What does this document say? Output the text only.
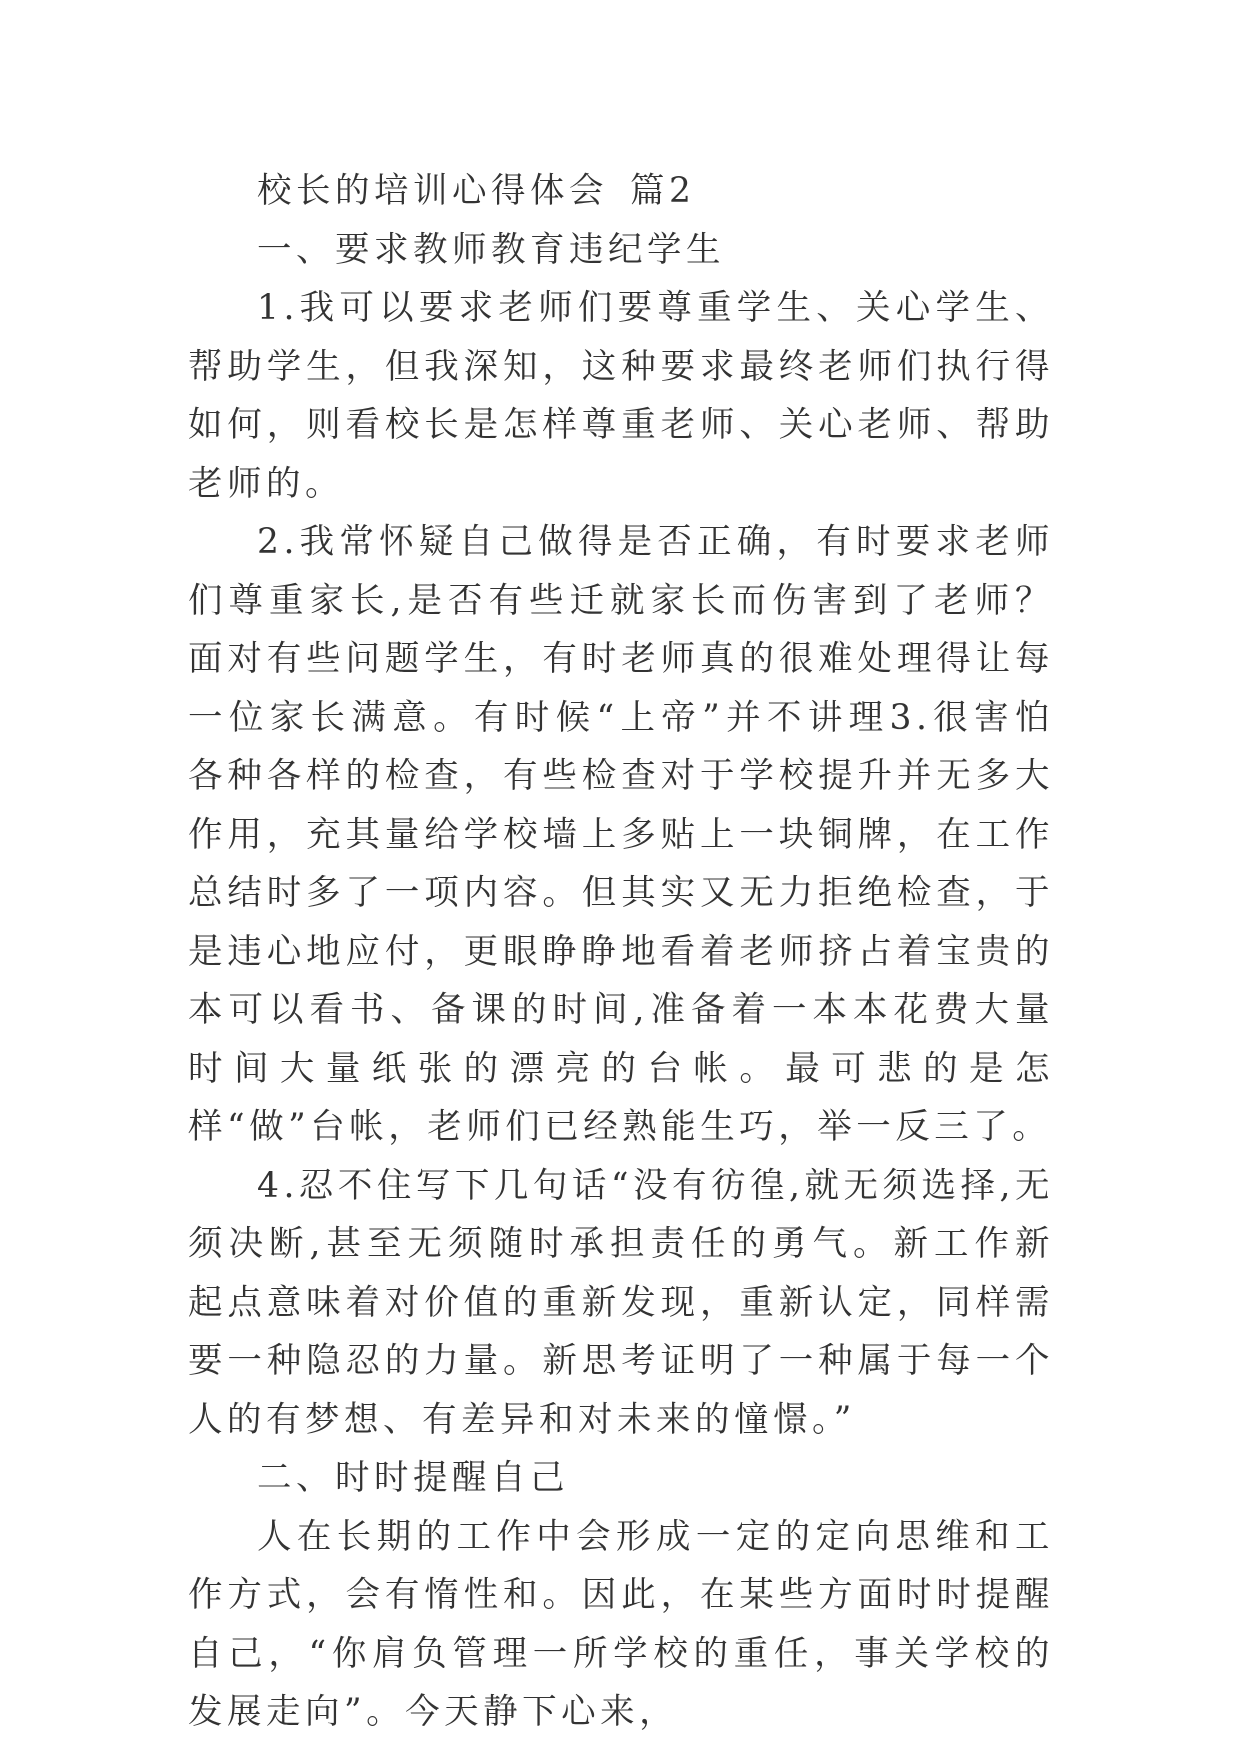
校长的培训心得体会 篇2

一、要求教师教育违纪学生

1.我可以要求老师们要尊重学生、关心学生、帮助学生，但我深知，这种要求最终老师们执行得如何，则看校长是怎样尊重老师、关心老师、帮助老师的。

2.我常怀疑自己做得是否正确，有时要求老师们尊重家长,是否有些迁就家长而伤害到了老师？面对有些问题学生，有时老师真的很难处理得让每一位家长满意。有时候“上帝”并不讲理3.很害怕各种各样的检查，有些检查对于学校提升并无多大作用，充其量给学校墙上多贴上一块铜牌，在工作总结时多了一项内容。但其实又无力拒绝检查，于是违心地应付，更眼睁睁地看着老师挤占着宝贵的本可以看书、备课的时间,准备着一本本花费大量时间大量纸张的漂亮的台帐。最可悲的是怎样“做”台帐，老师们已经熟能生巧，举一反三了。

4.忍不住写下几句话“没有彷徨,就无须选择,无须决断,甚至无须随时承担责任的勇气。新工作新起点意味着对价值的重新发现，重新认定，同样需要一种隐忍的力量。新思考证明了一种属于每一个人的有梦想、有差异和对未来的憧憬。”

二、时时提醒自己

人在长期的工作中会形成一定的定向思维和工作方式，会有惰性和。因此，在某些方面时时提醒自己，“你肩负管理一所学校的重任，事关学校的发展走向”。今天静下心来，
